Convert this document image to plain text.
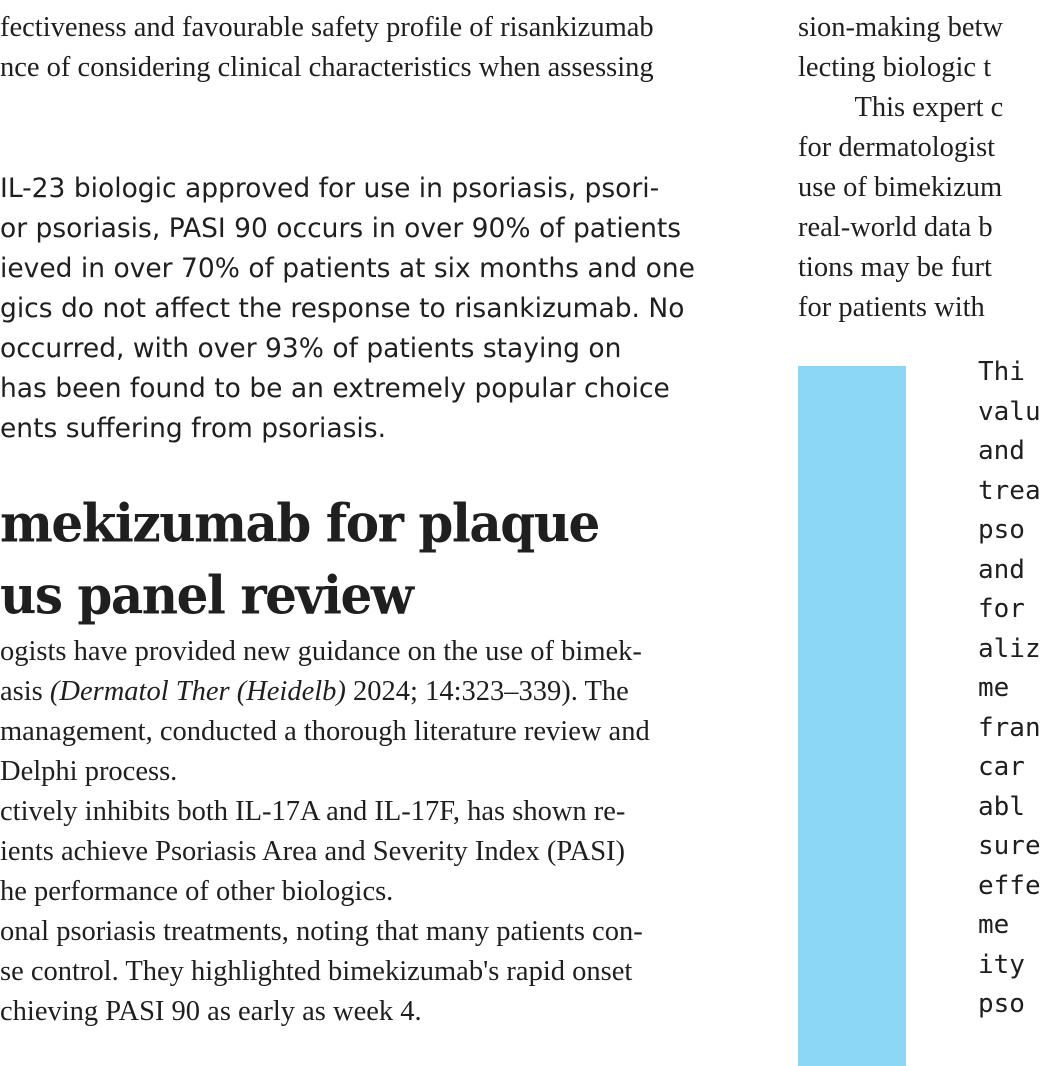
fectiveness and favourable safety profile of risankizumab
nce of considering clinical characteristics when assessing
IL-23 biologic approved for use in psoriasis, psori-
or psoriasis, PASI 90 occurs in over 90% of patients
ieved in over 70% of patients at six months and one
gics do not affect the response to risankizumab. No
occurred, with over 93% of patients staying on
has been found to be an extremely popular choice
ents suffering from psoriasis.
mekizumab for plaque
us panel review
ogists have provided new guidance on the use of bimek-
asis (Dermatol Ther (Heidelb) 2024; 14:323–339). The
management, conducted a thorough literature review and
Delphi process.
ctively inhibits both IL-17A and IL-17F, has shown re-
ients achieve Psoriasis Area and Severity Index (PASI)
he performance of other biologics.
onal psoriasis treatments, noting that many patients con-
se control. They highlighted bimekizumab's rapid onset
chieving PASI 90 as early as week 4.
sion-making betw
lecting biologic t
This expert c
for dermatologist
use of bimekizum
real-world data b
tions may be furt
for patients with
Thi
valu
and
trea
pso
and
for
aliz
me
fran
car
abl
sure
effe
me
ity
pso
